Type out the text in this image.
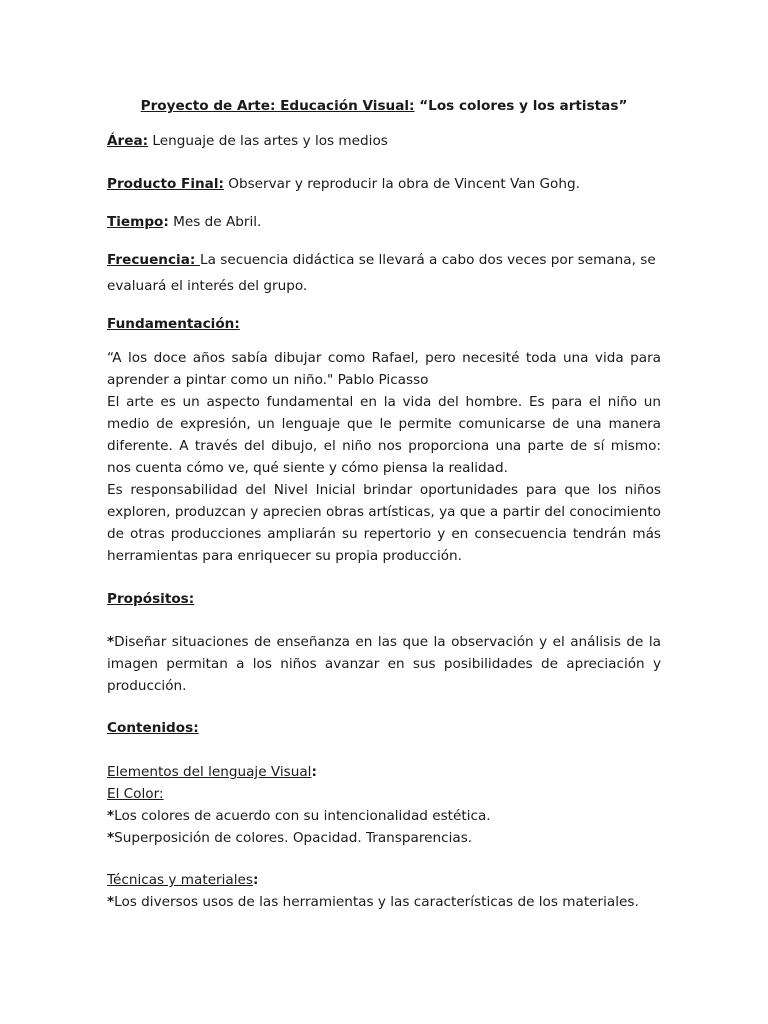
Proyecto de Arte: Educación Visual: “Los colores y los artistas”
Área: Lenguaje de las artes y los medios
Producto Final: Observar y reproducir la obra de Vincent Van Gohg.
Tiempo: Mes de Abril.
Frecuencia: La secuencia didáctica se llevará a cabo dos veces por semana, se evaluará el interés del grupo.
Fundamentación:

“A los doce años sabía dibujar como Rafael, pero necesité toda una vida para aprender a pintar como un niño." Pablo Picasso

El arte es un aspecto fundamental en la vida del hombre. Es para el niño un medio de expresión, un lenguaje que le permite comunicarse de una manera diferente. A través del dibujo, el niño nos proporciona una parte de sí mismo: nos cuenta cómo ve, qué siente y cómo piensa la realidad.

Es responsabilidad del Nivel Inicial brindar oportunidades para que los niños exploren, produzcan y aprecien obras artísticas, ya que a partir del conocimiento de otras producciones ampliarán su repertorio y en consecuencia tendrán más herramientas para enriquecer su propia producción.

Propósitos:
*Diseñar situaciones de enseñanza en las que la observación y el análisis de la imagen permitan a los niños avanzar en sus posibilidades de apreciación y producción.
Contenidos:
Elementos del lenguaje Visual:
El Color:
*Los colores de acuerdo con su intencionalidad estética.
*Superposición de colores. Opacidad. Transparencias.
Técnicas y materiales:
*Los diversos usos de las herramientas y las características de los materiales.
